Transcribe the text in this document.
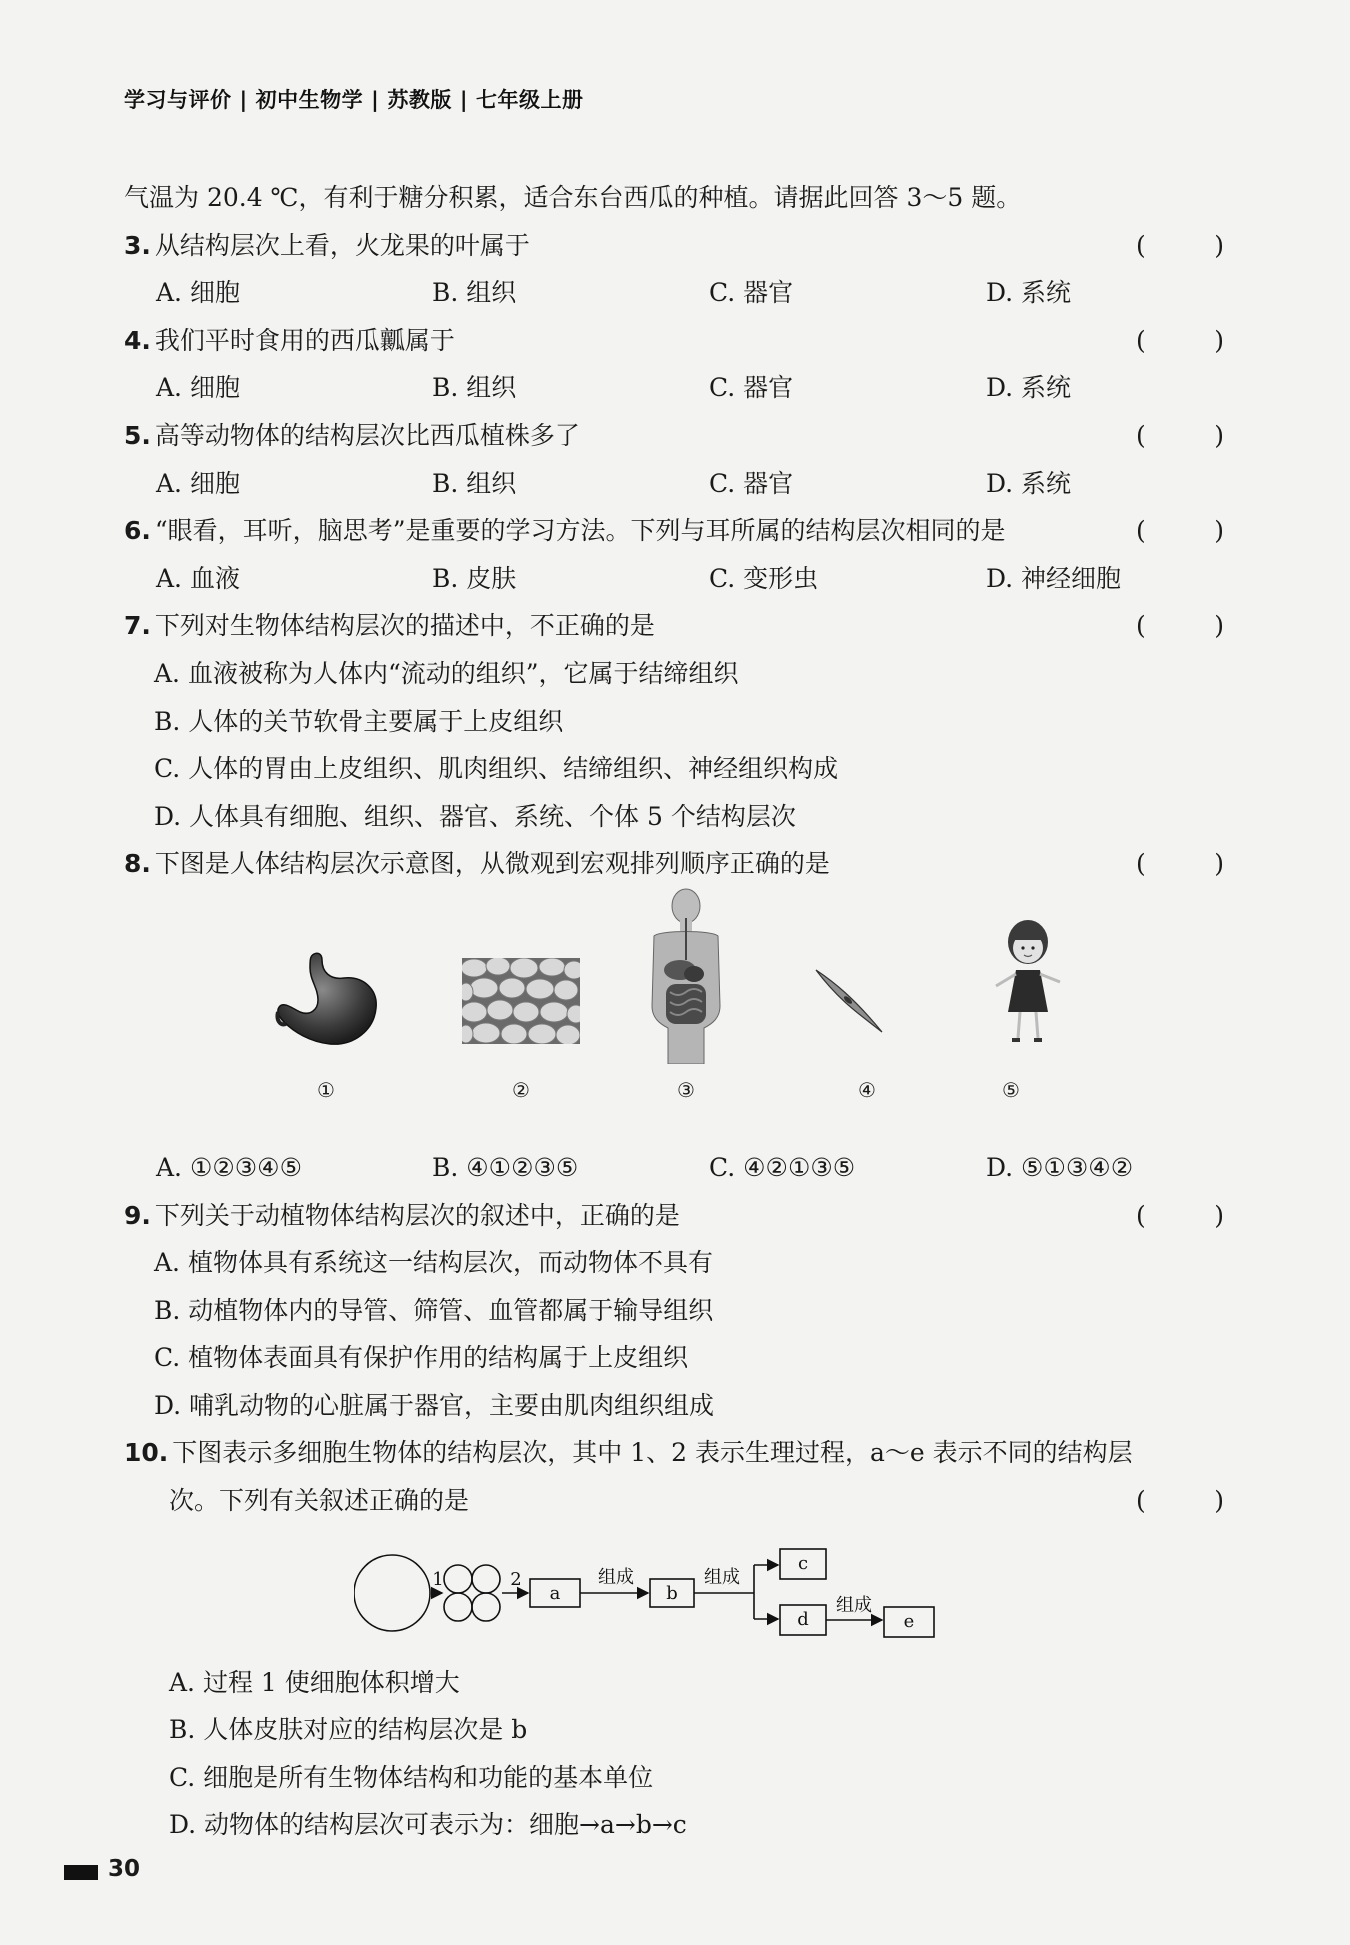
学习与评价 | 初中生物学 | 苏教版 | 七年级上册
气温为 20.4 ℃，有利于糖分积累，适合东台西瓜的种植。请据此回答 3～5 题。
3. 从结构层次上看，火龙果的叶属于	(	)
A. 细胞	B. 组织	C. 器官	D. 系统
4. 我们平时食用的西瓜瓤属于	(	)
A. 细胞	B. 组织	C. 器官	D. 系统
5. 高等动物体的结构层次比西瓜植株多了	(	)
A. 细胞	B. 组织	C. 器官	D. 系统
6. “眼看，耳听，脑思考”是重要的学习方法。下列与耳所属的结构层次相同的是	(	)
A. 血液	B. 皮肤	C. 变形虫	D. 神经细胞
7. 下列对生物体结构层次的描述中，不正确的是	(	)
A. 血液被称为人体内“流动的组织”，它属于结缔组织
B. 人体的关节软骨主要属于上皮组织
C. 人体的胃由上皮组织、肌肉组织、结缔组织、神经组织构成
D. 人体具有细胞、组织、器官、系统、个体 5 个结构层次
8. 下图是人体结构层次示意图，从微观到宏观排列顺序正确的是	(	)
①	②	③	④	⑤
A. ①②③④⑤	B. ④①②③⑤	C. ④②①③⑤	D. ⑤①③④②
9. 下列关于动植物体结构层次的叙述中，正确的是	(	)
A. 植物体具有系统这一结构层次，而动物体不具有
B. 动植物体内的导管、筛管、血管都属于输导组织
C. 植物体表面具有保护作用的结构属于上皮组织
D. 哺乳动物的心脏属于器官，主要由肌肉组织组成
10. 下图表示多细胞生物体的结构层次，其中 1、2 表示生理过程，a～e 表示不同的结构层
次。下列有关叙述正确的是	(	)
1	2
a	b
c
d	e
组成	组成
组成
A. 过程 1 使细胞体积增大
B. 人体皮肤对应的结构层次是 b
C. 细胞是所有生物体结构和功能的基本单位
D. 动物体的结构层次可表示为：细胞→a→b→c
30
